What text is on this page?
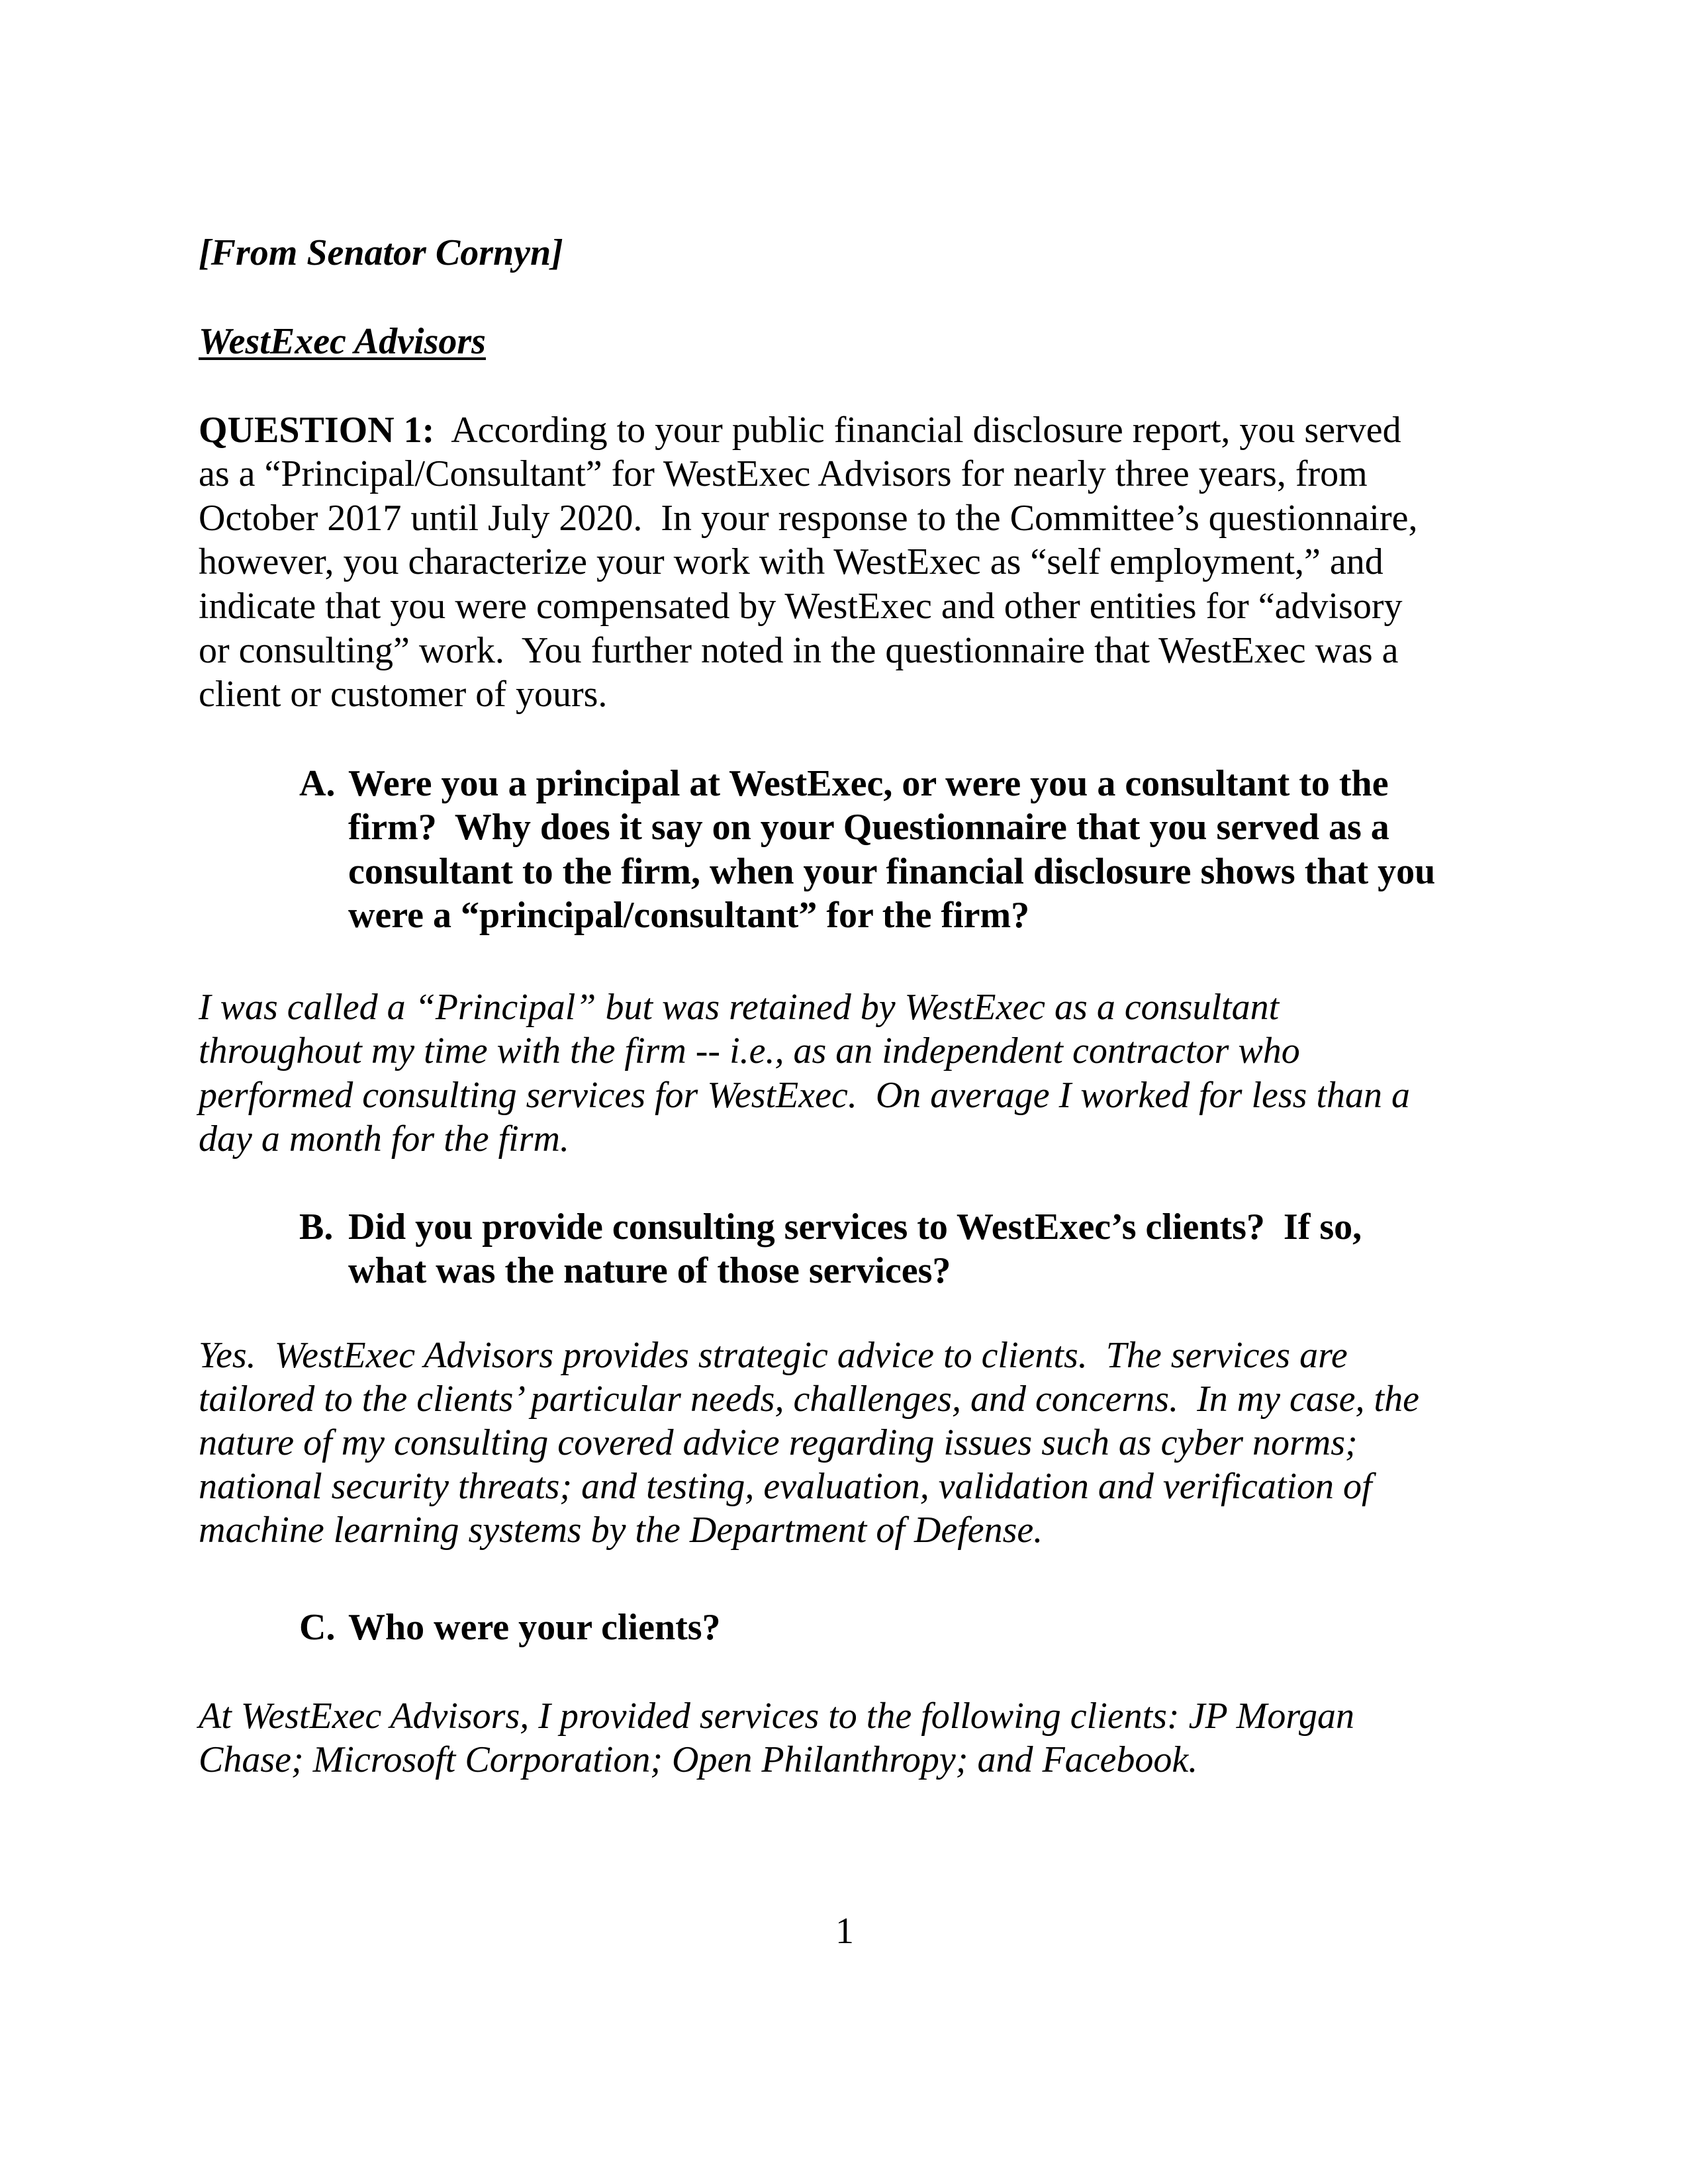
[From Senator Cornyn]
WestExec Advisors
QUESTION 1:  According to your public financial disclosure report, you served
as a “Principal/Consultant” for WestExec Advisors for nearly three years, from
October 2017 until July 2020.  In your response to the Committee’s questionnaire,
however, you characterize your work with WestExec as “self employment,” and
indicate that you were compensated by WestExec and other entities for “advisory
or consulting” work.  You further noted in the questionnaire that WestExec was a
client or customer of yours.
A. Were you a principal at WestExec, or were you a consultant to the
firm?  Why does it say on your Questionnaire that you served as a
consultant to the firm, when your financial disclosure shows that you
were a “principal/consultant” for the firm?
I was called a “Principal” but was retained by WestExec as a consultant
throughout my time with the firm -- i.e., as an independent contractor who
performed consulting services for WestExec.  On average I worked for less than a
day a month for the firm.
B. Did you provide consulting services to WestExec’s clients?  If so,
what was the nature of those services?
Yes.  WestExec Advisors provides strategic advice to clients.  The services are
tailored to the clients’ particular needs, challenges, and concerns.  In my case, the
nature of my consulting covered advice regarding issues such as cyber norms;
national security threats; and testing, evaluation, validation and verification of
machine learning systems by the Department of Defense.
C. Who were your clients?
At WestExec Advisors, I provided services to the following clients: JP Morgan
Chase; Microsoft Corporation; Open Philanthropy; and Facebook.
1
